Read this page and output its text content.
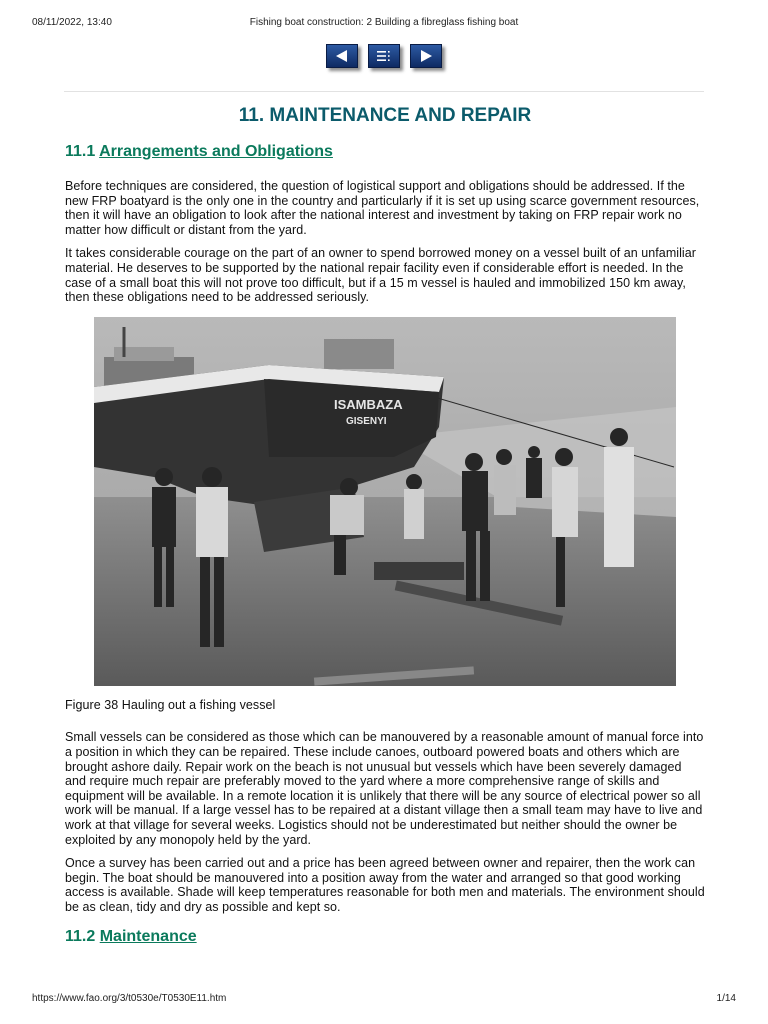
08/11/2022, 13:40	Fishing boat construction: 2 Building a fibreglass fishing boat
11. MAINTENANCE AND REPAIR
11.1 Arrangements and Obligations

Before techniques are considered, the question of logistical support and obligations should be addressed. If the new FRP boatyard is the only one in the country and particularly if it is set up using scarce government resources, then it will have an obligation to look after the national interest and investment by taking on FRP repair work no matter how difficult or distant from the yard.

It takes considerable courage on the part of an owner to spend borrowed money on a vessel built of an unfamiliar material. He deserves to be supported by the national repair facility even if considerable effort is needed. In the case of a small boat this will not prove too difficult, but if a 15 m vessel is hauled and immobilized 150 km away, then these obligations need to be addressed seriously.

ISAMBAZA
GISENYI

Figure 38 Hauling out a fishing vessel

Small vessels can be considered as those which can be manouvered by a reasonable amount of manual force into a position in which they can be repaired. These include canoes, outboard powered boats and others which are brought ashore daily. Repair work on the beach is not unusual but vessels which have been severely damaged and require much repair are preferably moved to the yard where a more comprehensive range of skills and equipment will be available. In a remote location it is unlikely that there will be any source of electrical power so all work will be manual. If a large vessel has to be repaired at a distant village then a small team may have to live and work at that village for several weeks. Logistics should not be underestimated but neither should the owner be exploited by any monopoly held by the yard.

Once a survey has been carried out and a price has been agreed between owner and repairer, then the work can begin. The boat should be manouvered into a position away from the water and arranged so that good working access is available. Shade will keep temperatures reasonable for both men and materials. The environment should be as clean, tidy and dry as possible and kept so.

11.2 Maintenance
https://www.fao.org/3/t0530e/T0530E11.htm	1/14
